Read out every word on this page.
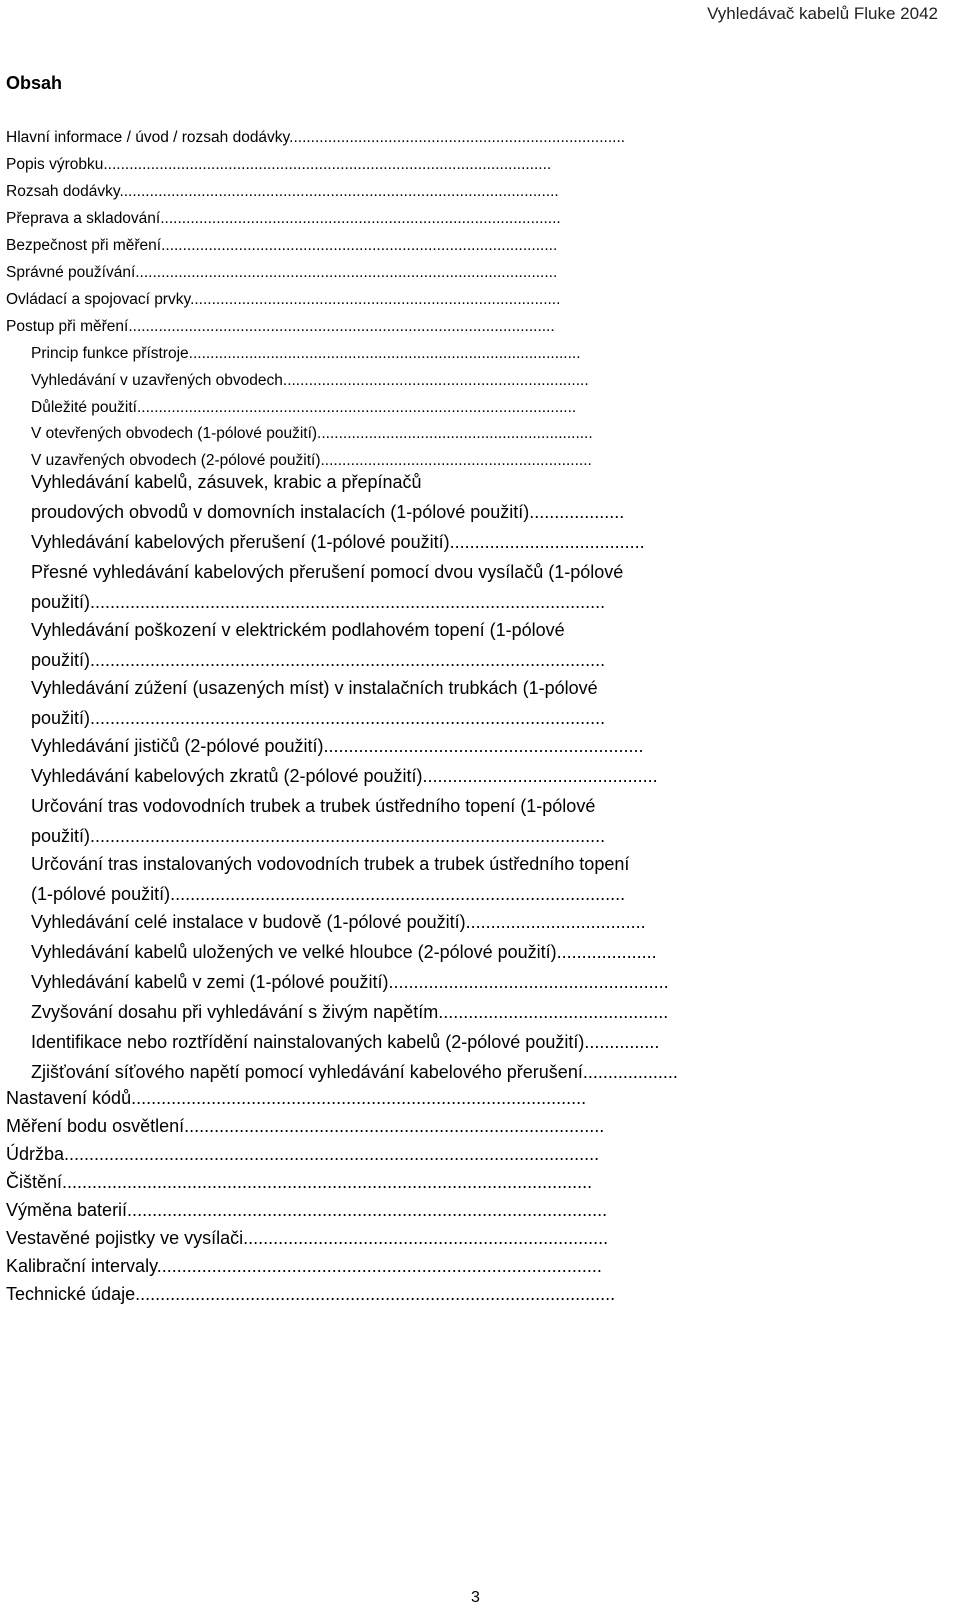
Vyhledávač kabelů Fluke 2042
Obsah
Hlavní informace / úvod / rozsah dodávky..............................................................................
Popis výrobku........................................................................................................
Rozsah dodávky......................................................................................................
Přeprava a skladování.............................................................................................
Bezpečnost při měření............................................................................................
Správné používání..................................................................................................
Ovládací a spojovací prvky......................................................................................
Postup při měření...................................................................................................
Princip funkce přístroje...........................................................................................
Vyhledávání v uzavřených obvodech.......................................................................
Důležité použití......................................................................................................
V otevřených obvodech (1-pólové použití)................................................................
V uzavřených obvodech (2-pólové použití)...............................................................
Vyhledávání kabelů, zásuvek, krabic a přepínačů
proudových obvodů v domovních instalacích (1-pólové použití)...................
Vyhledávání kabelových přerušení (1-pólové použití).......................................
Přesné vyhledávání kabelových přerušení pomocí dvou vysílačů (1-pólové
použití).......................................................................................................
Vyhledávání poškození v elektrickém podlahovém topení (1-pólové
použití).......................................................................................................
Vyhledávání zúžení (usazených míst) v instalačních trubkách (1-pólové
použití).......................................................................................................
Vyhledávání jističů (2-pólové použití)................................................................
Vyhledávání kabelových zkratů (2-pólové použití)...............................................
Určování tras vodovodních trubek a trubek ústředního topení (1-pólové
použití).......................................................................................................
Určování tras instalovaných vodovodních trubek a trubek ústředního topení
(1-pólové použití)...........................................................................................
Vyhledávání celé instalace v budově (1-pólové použití)....................................
Vyhledávání kabelů uložených ve velké hloubce (2-pólové použití)....................
Vyhledávání kabelů v zemi (1-pólové použití)........................................................
Zvyšování dosahu při vyhledávání s živým napětím..............................................
Identifikace nebo roztřídění nainstalovaných kabelů (2-pólové použití)...............
Zjišťování síťového napětí pomocí vyhledávání kabelového přerušení...................
Nastavení kódů...........................................................................................
Měření bodu osvětlení....................................................................................
Údržba...........................................................................................................
Čištění..........................................................................................................
Výměna baterií................................................................................................
Vestavěné pojistky ve vysílači.........................................................................
Kalibrační intervaly.........................................................................................
Technické údaje................................................................................................
3
